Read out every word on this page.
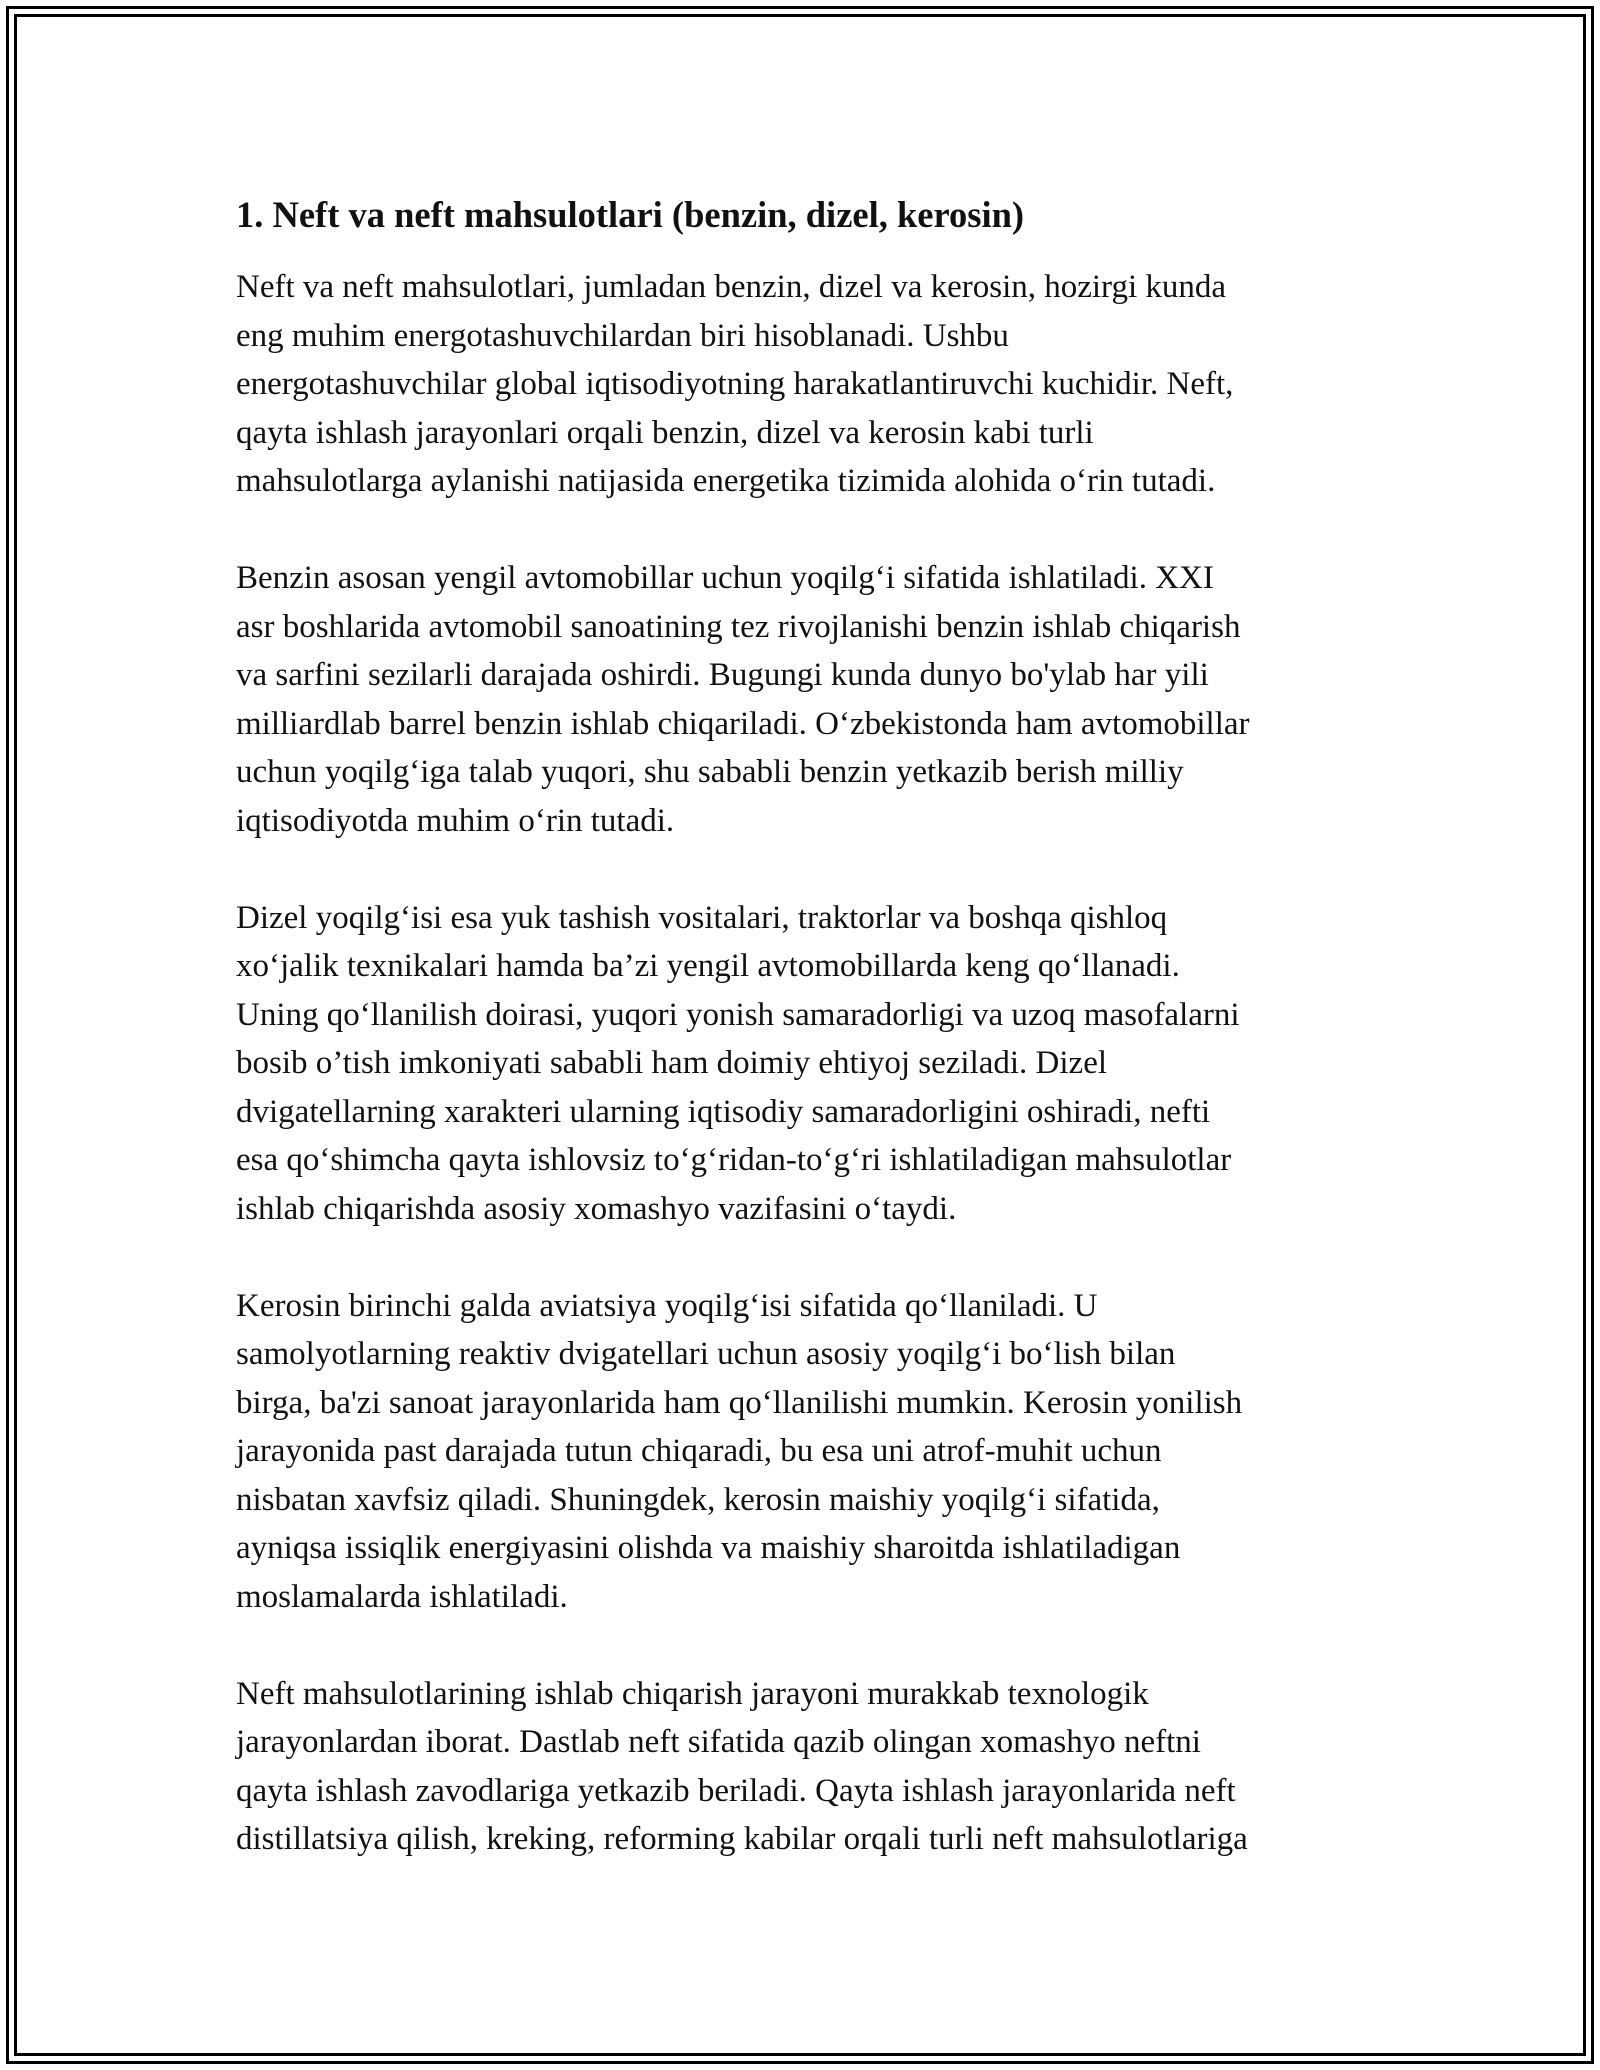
1. Neft va neft mahsulotlari (benzin, dizel, kerosin)

Neft va neft mahsulotlari, jumladan benzin, dizel va kerosin, hozirgi kunda
eng muhim energotashuvchilardan biri hisoblanadi. Ushbu
energotashuvchilar global iqtisodiyotning harakatlantiruvchi kuchidir. Neft,
qayta ishlash jarayonlari orqali benzin, dizel va kerosin kabi turli
mahsulotlarga aylanishi natijasida energetika tizimida alohida o‘rin tutadi.

Benzin asosan yengil avtomobillar uchun yoqilg‘i sifatida ishlatiladi. XXI
asr boshlarida avtomobil sanoatining tez rivojlanishi benzin ishlab chiqarish
va sarfini sezilarli darajada oshirdi. Bugungi kunda dunyo bo'ylab har yili
milliardlab barrel benzin ishlab chiqariladi. O‘zbekistonda ham avtomobillar
uchun yoqilg‘iga talab yuqori, shu sababli benzin yetkazib berish milliy
iqtisodiyotda muhim o‘rin tutadi.

Dizel yoqilg‘isi esa yuk tashish vositalari, traktorlar va boshqa qishloq
xo‘jalik texnikalari hamda ba’zi yengil avtomobillarda keng qo‘llanadi.
Uning qo‘llanilish doirasi, yuqori yonish samaradorligi va uzoq masofalarni
bosib o’tish imkoniyati sababli ham doimiy ehtiyoj seziladi. Dizel
dvigatellarning xarakteri ularning iqtisodiy samaradorligini oshiradi, nefti
esa qo‘shimcha qayta ishlovsiz to‘g‘ridan-to‘g‘ri ishlatiladigan mahsulotlar
ishlab chiqarishda asosiy xomashyo vazifasini o‘taydi.

Kerosin birinchi galda aviatsiya yoqilg‘isi sifatida qo‘llaniladi. U
samolyotlarning reaktiv dvigatellari uchun asosiy yoqilg‘i bo‘lish bilan
birga, ba'zi sanoat jarayonlarida ham qo‘llanilishi mumkin. Kerosin yonilish
jarayonida past darajada tutun chiqaradi, bu esa uni atrof-muhit uchun
nisbatan xavfsiz qiladi. Shuningdek, kerosin maishiy yoqilg‘i sifatida,
ayniqsa issiqlik energiyasini olishda va maishiy sharoitda ishlatiladigan
moslamalarda ishlatiladi.

Neft mahsulotlarining ishlab chiqarish jarayoni murakkab texnologik
jarayonlardan iborat. Dastlab neft sifatida qazib olingan xomashyo neftni
qayta ishlash zavodlariga yetkazib beriladi. Qayta ishlash jarayonlarida neft
distillatsiya qilish, kreking, reforming kabilar orqali turli neft mahsulotlariga
